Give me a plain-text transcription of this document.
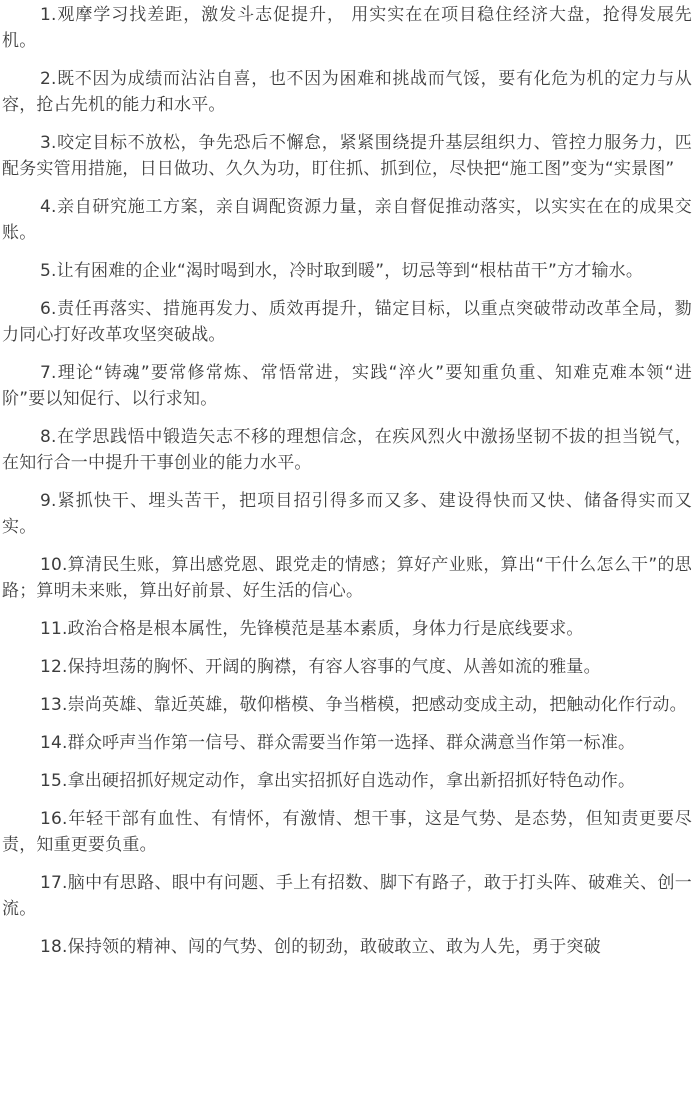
1.观摩学习找差距，激发斗志促提升， 用实实在在项目稳住经济大盘，抢得发展先机。

2.既不因为成绩而沾沾自喜，也不因为困难和挑战而气馁，要有化危为机的定力与从容，抢占先机的能力和水平。

3.咬定目标不放松，争先恐后不懈怠，紧紧围绕提升基层组织力、管控力服务力，匹配务实管用措施，日日做功、久久为功，盯住抓、抓到位，尽快把“施工图”变为“实景图”

4.亲自研究施工方案，亲自调配资源力量，亲自督促推动落实，以实实在在的成果交账。

5.让有困难的企业“渴时喝到水，冷时取到暖”，切忌等到“根枯苗干”方才输水。

6.责任再落实、措施再发力、质效再提升，锚定目标，以重点突破带动改革全局，勠力同心打好改革攻坚突破战。

7.理论“铸魂”要常修常炼、常悟常进，实践“淬火”要知重负重、知难克难本领“进阶”要以知促行、以行求知。

8.在学思践悟中锻造矢志不移的理想信念，在疾风烈火中激扬坚韧不拔的担当锐气，在知行合一中提升干事创业的能力水平。

9.紧抓快干、埋头苦干，把项目招引得多而又多、建设得快而又快、储备得实而又实。

10.算清民生账，算出感党恩、跟党走的情感；算好产业账，算出“干什么怎么干”的思路；算明未来账，算出好前景、好生活的信心。

11.政治合格是根本属性，先锋模范是基本素质，身体力行是底线要求。

12.保持坦荡的胸怀、开阔的胸襟，有容人容事的气度、从善如流的雅量。

13.崇尚英雄、靠近英雄，敬仰楷模、争当楷模，把感动变成主动，把触动化作行动。

14.群众呼声当作第一信号、群众需要当作第一选择、群众满意当作第一标准。

15.拿出硬招抓好规定动作，拿出实招抓好自选动作，拿出新招抓好特色动作。

16.年轻干部有血性、有情怀，有激情、想干事，这是气势、是态势，但知责更要尽责，知重更要负重。

17.脑中有思路、眼中有问题、手上有招数、脚下有路子，敢于打头阵、破难关、创一流。

18.保持领的精神、闯的气势、创的韧劲，敢破敢立、敢为人先，勇于突破
